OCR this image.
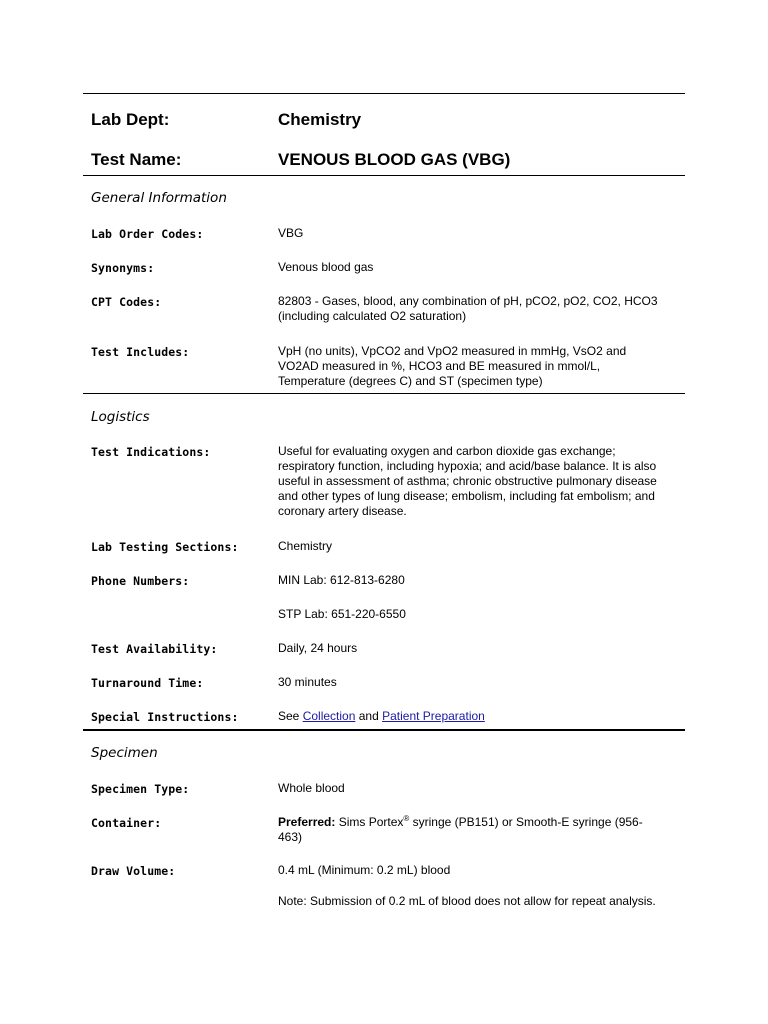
Lab Dept:	Chemistry
Test Name:	VENOUS BLOOD GAS (VBG)
General Information
Lab Order Codes:	VBG
Synonyms:	Venous blood gas
CPT Codes:	82803 - Gases, blood, any combination of pH, pCO2, pO2, CO2, HCO3
(including calculated O2 saturation)
Test Includes:	VpH (no units), VpCO2 and VpO2 measured in mmHg, VsO2 and
VO2AD measured in %, HCO3 and BE measured in mmol/L,
Temperature (degrees C) and ST (specimen type)
Logistics
Test Indications:	Useful for evaluating oxygen and carbon dioxide gas exchange;
respiratory function, including hypoxia; and acid/base balance. It is also
useful in assessment of asthma; chronic obstructive pulmonary disease
and other types of lung disease; embolism, including fat embolism; and
coronary artery disease.
Lab Testing Sections:	Chemistry
Phone Numbers:	MIN Lab: 612-813-6280
STP Lab: 651-220-6550
Test Availability:	Daily, 24 hours
Turnaround Time:	30 minutes
Special Instructions:	See Collection and Patient Preparation
Specimen
Specimen Type:	Whole blood
Container:	Preferred: Sims Portex® syringe (PB151) or Smooth-E syringe (956-
463)
Draw Volume:	0.4 mL (Minimum: 0.2 mL) blood
Note: Submission of 0.2 mL of blood does not allow for repeat analysis.
